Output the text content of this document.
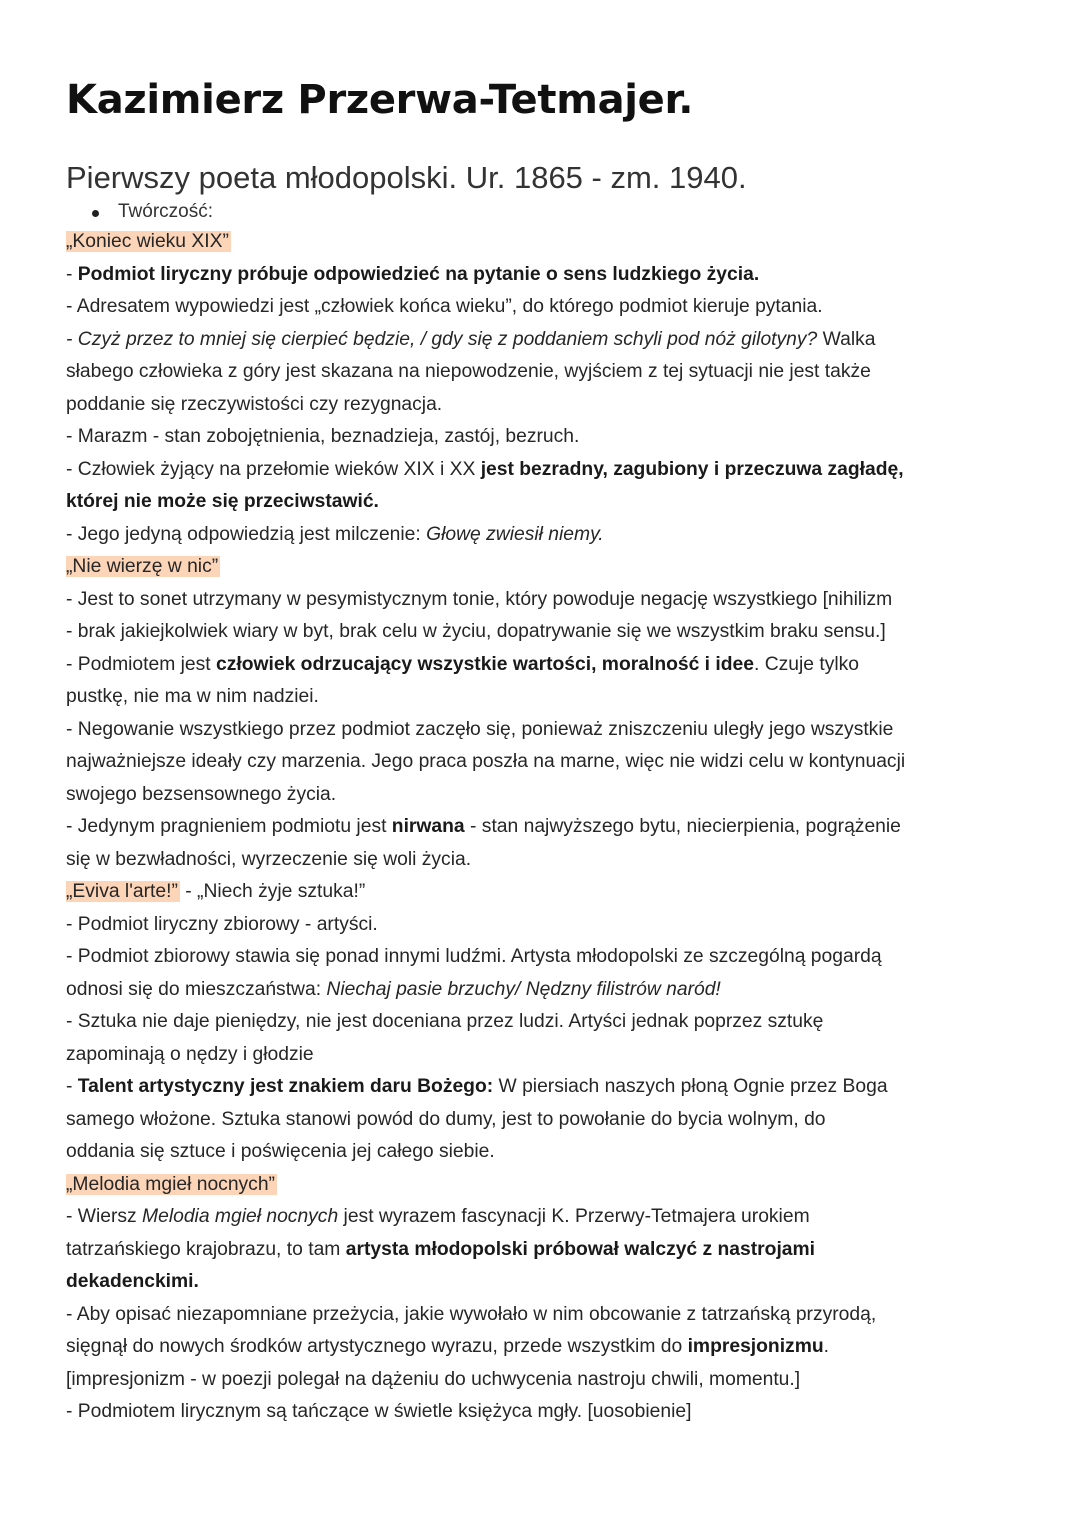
Kazimierz Przerwa-Tetmajer.
Pierwszy poeta młodopolski. Ur. 1865 - zm. 1940.
Twórczość:
„Koniec wieku XIX”
- Podmiot liryczny próbuje odpowiedzieć na pytanie o sens ludzkiego życia.
- Adresatem wypowiedzi jest „człowiek końca wieku”, do którego podmiot kieruje pytania.
- Czyż przez to mniej się cierpieć będzie, / gdy się z poddaniem schyli pod nóż gilotyny? Walka
słabego człowieka z góry jest skazana na niepowodzenie, wyjściem z tej sytuacji nie jest także
poddanie się rzeczywistości czy rezygnacja.
- Marazm - stan zobojętnienia, beznadzieja, zastój, bezruch.
- Człowiek żyjący na przełomie wieków XIX i XX jest bezradny, zagubiony i przeczuwa zagładę,
której nie może się przeciwstawić.
- Jego jedyną odpowiedzią jest milczenie: Głowę zwiesił niemy.
„Nie wierzę w nic”
- Jest to sonet utrzymany w pesymistycznym tonie, który powoduje negację wszystkiego [nihilizm
- brak jakiejkolwiek wiary w byt, brak celu w życiu, dopatrywanie się we wszystkim braku sensu.]
- Podmiotem jest człowiek odrzucający wszystkie wartości, moralność i idee. Czuje tylko
pustkę, nie ma w nim nadziei.
- Negowanie wszystkiego przez podmiot zaczęło się, ponieważ zniszczeniu uległy jego wszystkie
najważniejsze ideały czy marzenia. Jego praca poszła na marne, więc nie widzi celu w kontynuacji
swojego bezsensownego życia.
- Jedynym pragnieniem podmiotu jest nirwana - stan najwyższego bytu, niecierpienia, pogrążenie
się w bezwładności, wyrzeczenie się woli życia.
„Eviva l'arte!” - „Niech żyje sztuka!”
- Podmiot liryczny zbiorowy - artyści.
- Podmiot zbiorowy stawia się ponad innymi ludźmi. Artysta młodopolski ze szczególną pogardą
odnosi się do mieszczaństwa: Niechaj pasie brzuchy/ Nędzny filistrów naród!
- Sztuka nie daje pieniędzy, nie jest doceniana przez ludzi. Artyści jednak poprzez sztukę
zapominają o nędzy i głodzie
- Talent artystyczny jest znakiem daru Bożego: W piersiach naszych płoną Ognie przez Boga
samego włożone. Sztuka stanowi powód do dumy, jest to powołanie do bycia wolnym, do
oddania się sztuce i poświęcenia jej całego siebie.
„Melodia mgieł nocnych”
- Wiersz Melodia mgieł nocnych jest wyrazem fascynacji K. Przerwy-Tetmajera urokiem
tatrzańskiego krajobrazu, to tam artysta młodopolski próbował walczyć z nastrojami
dekadenckimi.
- Aby opisać niezapomniane przeżycia, jakie wywołało w nim obcowanie z tatrzańską przyrodą,
sięgnął do nowych środków artystycznego wyrazu, przede wszystkim do impresjonizmu.
[impresjonizm - w poezji polegał na dążeniu do uchwycenia nastroju chwili, momentu.]
- Podmiotem lirycznym są tańczące w świetle księżyca mgły. [uosobienie]
